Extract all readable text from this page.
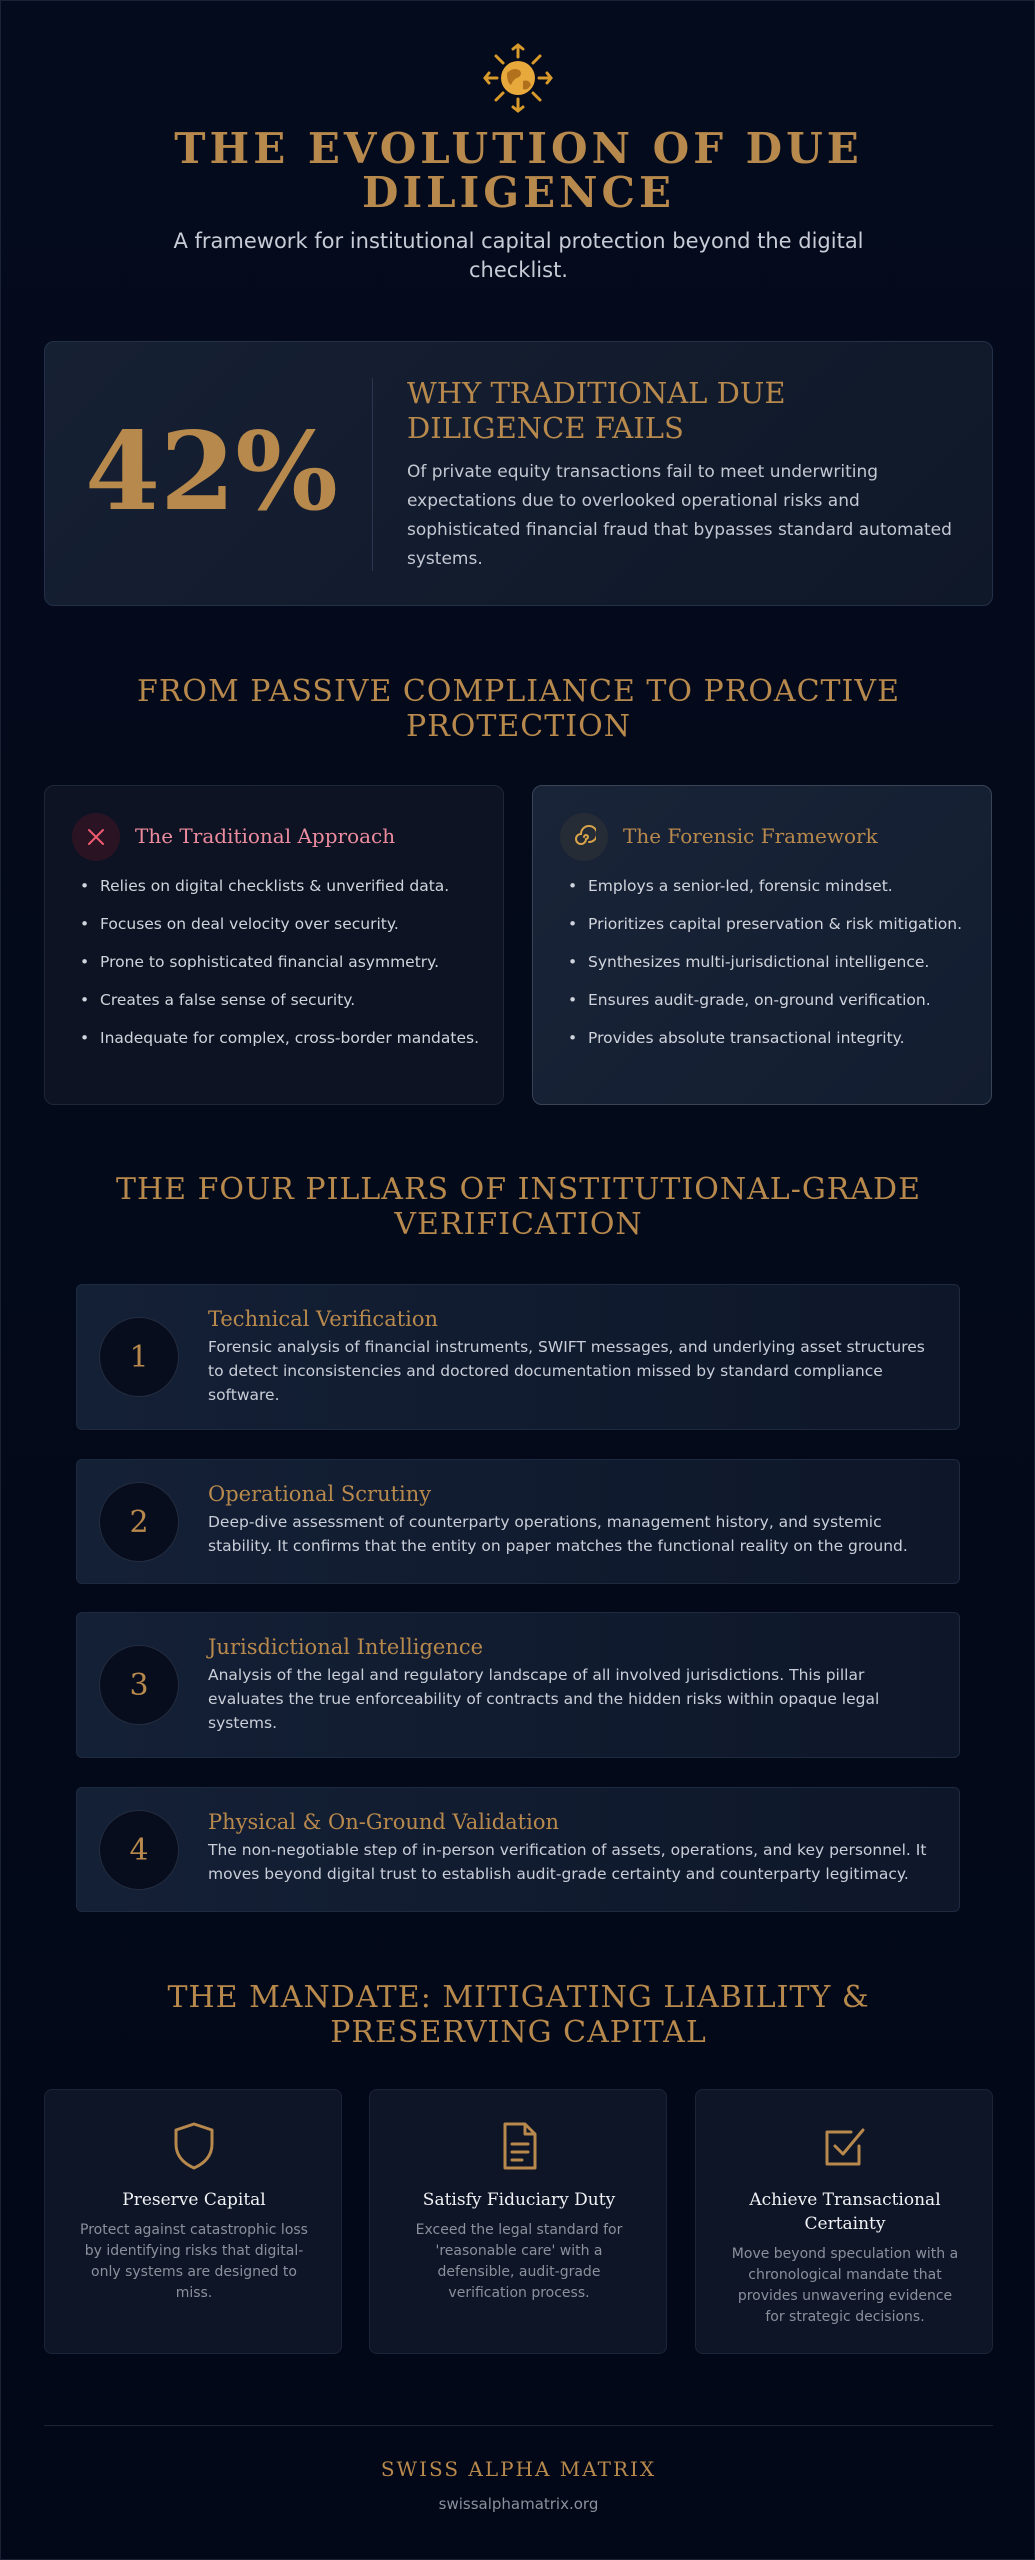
THE EVOLUTION OF DUE DILIGENCE
A framework for institutional capital protection beyond the digital checklist.
42%
WHY TRADITIONAL DUE DILIGENCE FAILS
Of private equity transactions fail to meet underwriting expectations due to overlooked operational risks and sophisticated financial fraud that bypasses standard automated systems.
FROM PASSIVE COMPLIANCE TO PROACTIVE PROTECTION
The Traditional Approach
• Relies on digital checklists & unverified data.
• Focuses on deal velocity over security.
• Prone to sophisticated financial asymmetry.
• Creates a false sense of security.
• Inadequate for complex, cross-border mandates.
The Forensic Framework
• Employs a senior-led, forensic mindset.
• Prioritizes capital preservation & risk mitigation.
• Synthesizes multi-jurisdictional intelligence.
• Ensures audit-grade, on-ground verification.
• Provides absolute transactional integrity.
THE FOUR PILLARS OF INSTITUTIONAL-GRADE VERIFICATION
1
Technical Verification
Forensic analysis of financial instruments, SWIFT messages, and underlying asset structures to detect inconsistencies and doctored documentation missed by standard compliance software.
2
Operational Scrutiny
Deep-dive assessment of counterparty operations, management history, and systemic stability. It confirms that the entity on paper matches the functional reality on the ground.
3
Jurisdictional Intelligence
Analysis of the legal and regulatory landscape of all involved jurisdictions. This pillar evaluates the true enforceability of contracts and the hidden risks within opaque legal systems.
4
Physical & On-Ground Validation
The non-negotiable step of in-person verification of assets, operations, and key personnel. It moves beyond digital trust to establish audit-grade certainty and counterparty legitimacy.
THE MANDATE: MITIGATING LIABILITY & PRESERVING CAPITAL
Preserve Capital
Protect against catastrophic loss by identifying risks that digital-only systems are designed to miss.
Satisfy Fiduciary Duty
Exceed the legal standard for 'reasonable care' with a defensible, audit-grade verification process.
Achieve Transactional Certainty
Move beyond speculation with a chronological mandate that provides unwavering evidence for strategic decisions.
SWISS ALPHA MATRIX
swissalphamatrix.org
